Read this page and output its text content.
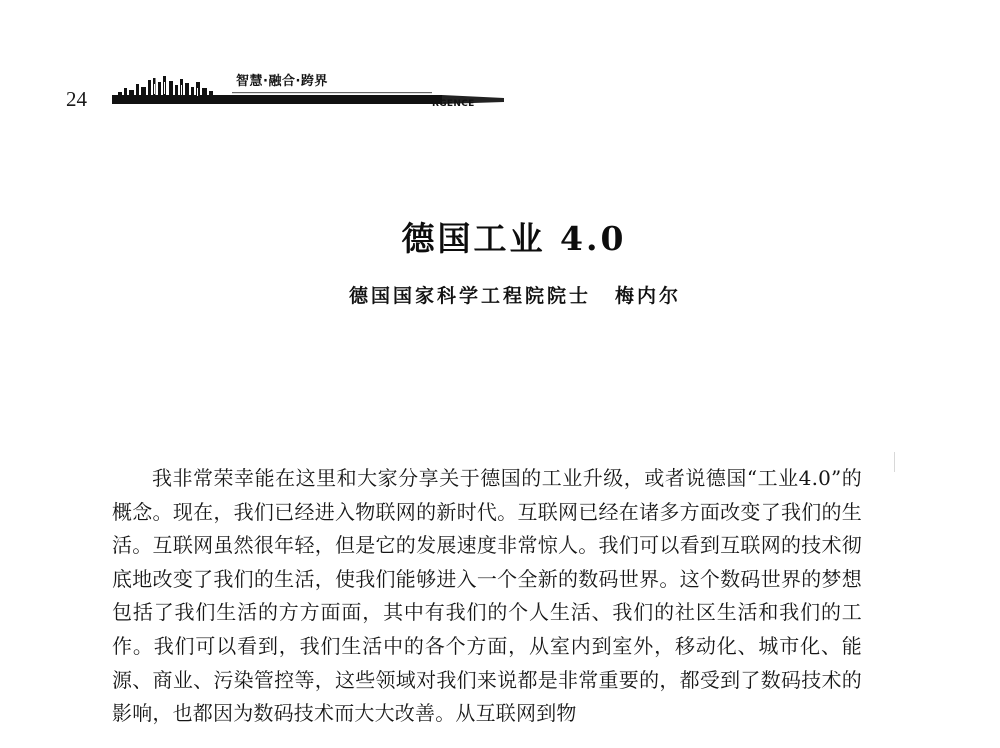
24
智慧·融合·跨界
RGENCE
德国工业 4.0
德国国家科学工程院院士 梅内尔

我非常荣幸能在这里和大家分享关于德国的工业升级，或者说德国“工业4.0”的概念。现在，我们已经进入物联网的新时代。互联网已经在诸多方面改变了我们的生活。互联网虽然很年轻，但是它的发展速度非常惊人。我们可以看到互联网的技术彻底地改变了我们的生活，使我们能够进入一个全新的数码世界。这个数码世界的梦想包括了我们生活的方方面面，其中有我们的个人生活、我们的社区生活和我们的工作。我们可以看到，我们生活中的各个方面，从室内到室外，移动化、城市化、能源、商业、污染管控等，这些领域对我们来说都是非常重要的，都受到了数码技术的影响，也都因为数码技术而大大改善。从互联网到物
